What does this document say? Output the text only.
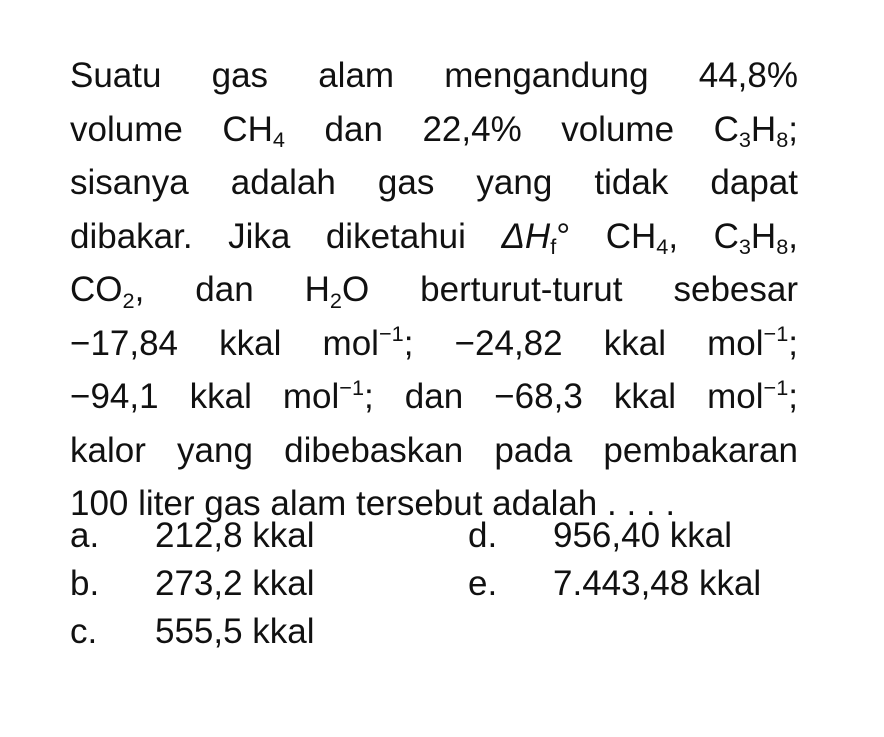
Suatu gas alam mengandung 44,8%
volume $CH_4$ dan 22,4% volume $C_3H_8$;
sisanya adalah gas yang tidak dapat
dibakar. Jika diketahui $\Delta H_f^\circ$ $CH_4$, $C_3H_8$,
$CO_2$, dan $H_2O$ berturut-turut sebesar
−17,84 kkal mol$^{-1}$; −24,82 kkal mol$^{-1}$;
−94,1 kkal mol$^{-1}$; dan −68,3 kkal mol$^{-1}$;
kalor yang dibebaskan pada pembakaran
100 liter gas alam tersebut adalah . . . .
a. 212,8 kkal	d. 956,40 kkal
b. 273,2 kkal	e. 7.443,48 kkal
c. 555,5 kkal
